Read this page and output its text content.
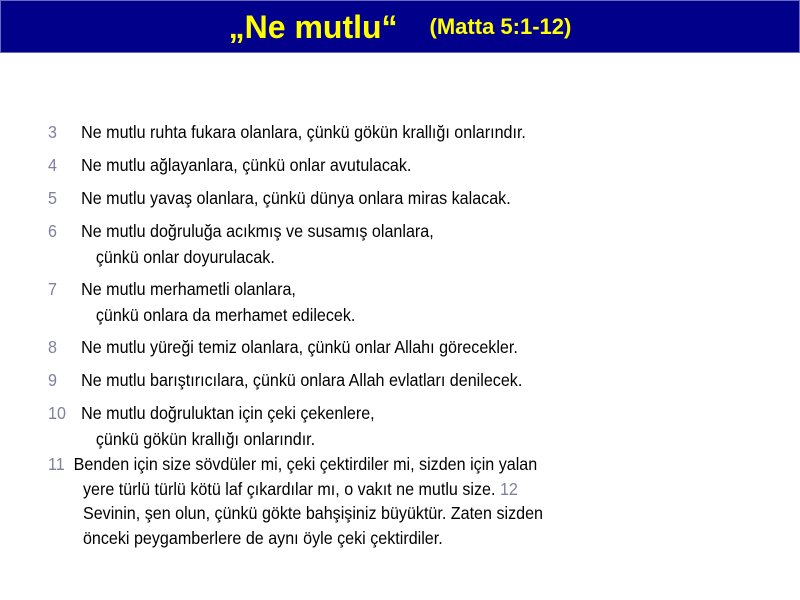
„Ne mutlu“ (Matta 5:1-12)
3 Ne mutlu ruhta fukara olanlara, çünkü gökün krallığı onlarındır.
4 Ne mutlu ağlayanlara, çünkü onlar avutulacak.
5 Ne mutlu yavaş olanlara, çünkü dünya onlara miras kalacak.
6 Ne mutlu doğruluğa acıkmış ve susamış olanlara,
çünkü onlar doyurulacak.
7 Ne mutlu merhametli olanlara,
çünkü onlara da merhamet edilecek.
8 Ne mutlu yüreği temiz olanlara, çünkü onlar Allahı görecekler.
9 Ne mutlu barıştırıcılara, çünkü onlara Allah evlatları denilecek.
10 Ne mutlu doğruluktan için çeki çekenlere,
çünkü gökün krallığı onlarındır.
11 Benden için size sövdüler mi, çeki çektirdiler mi, sizden için yalan
yere türlü türlü kötü laf çıkardılar mı, o vakıt ne mutlu size. 12
Sevinin, şen olun, çünkü gökte bahşişiniz büyüktür. Zaten sizden
önceki peygamberlere de aynı öyle çeki çektirdiler.
